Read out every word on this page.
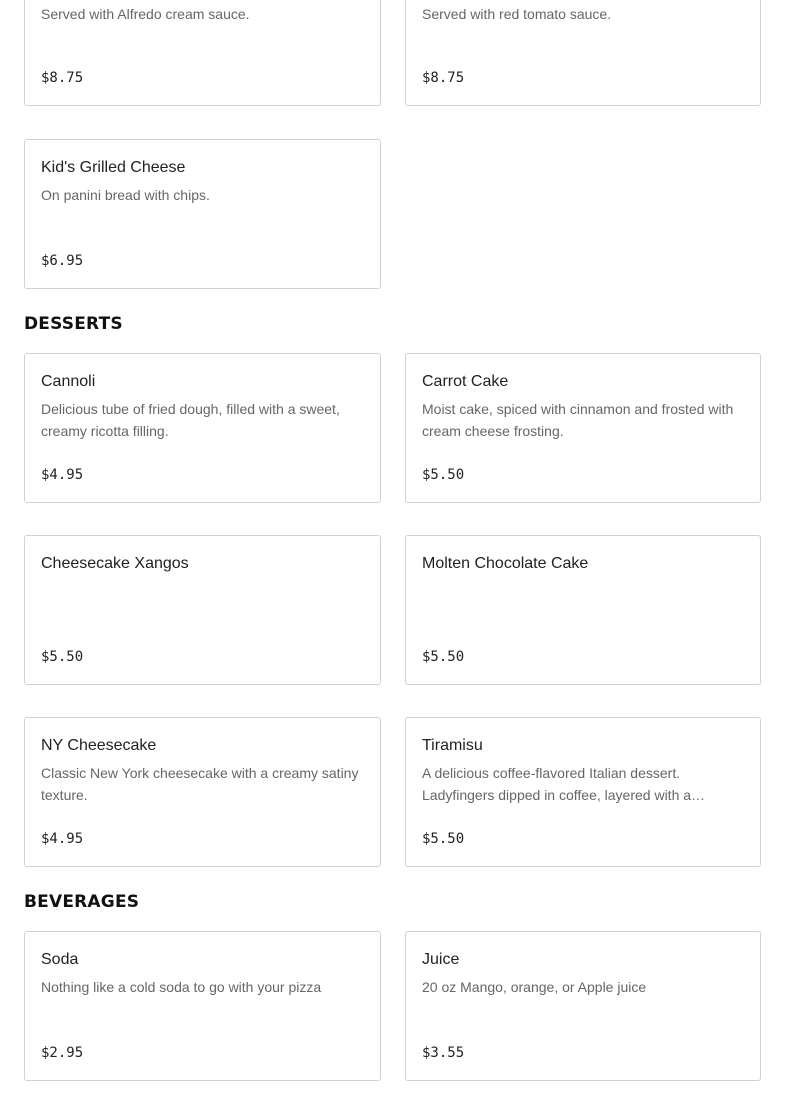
Served with Alfredo cream sauce.
$8.75
Served with red tomato sauce.
$8.75
Kid's Grilled Cheese
On panini bread with chips.
$6.95
DESSERTS
Cannoli
Delicious tube of fried dough, filled with a sweet, creamy ricotta filling.
$4.95
Carrot Cake
Moist cake, spiced with cinnamon and frosted with cream cheese frosting.
$5.50
Cheesecake Xangos
$5.50
Molten Chocolate Cake
$5.50
NY Cheesecake
Classic New York cheesecake with a creamy satiny texture.
$4.95
Tiramisu
A delicious coffee-flavored Italian dessert. Ladyfingers dipped in coffee, layered with a…
$5.50
BEVERAGES
Soda
Nothing like a cold soda to go with your pizza
$2.95
Juice
20 oz Mango, orange, or Apple juice
$3.55
